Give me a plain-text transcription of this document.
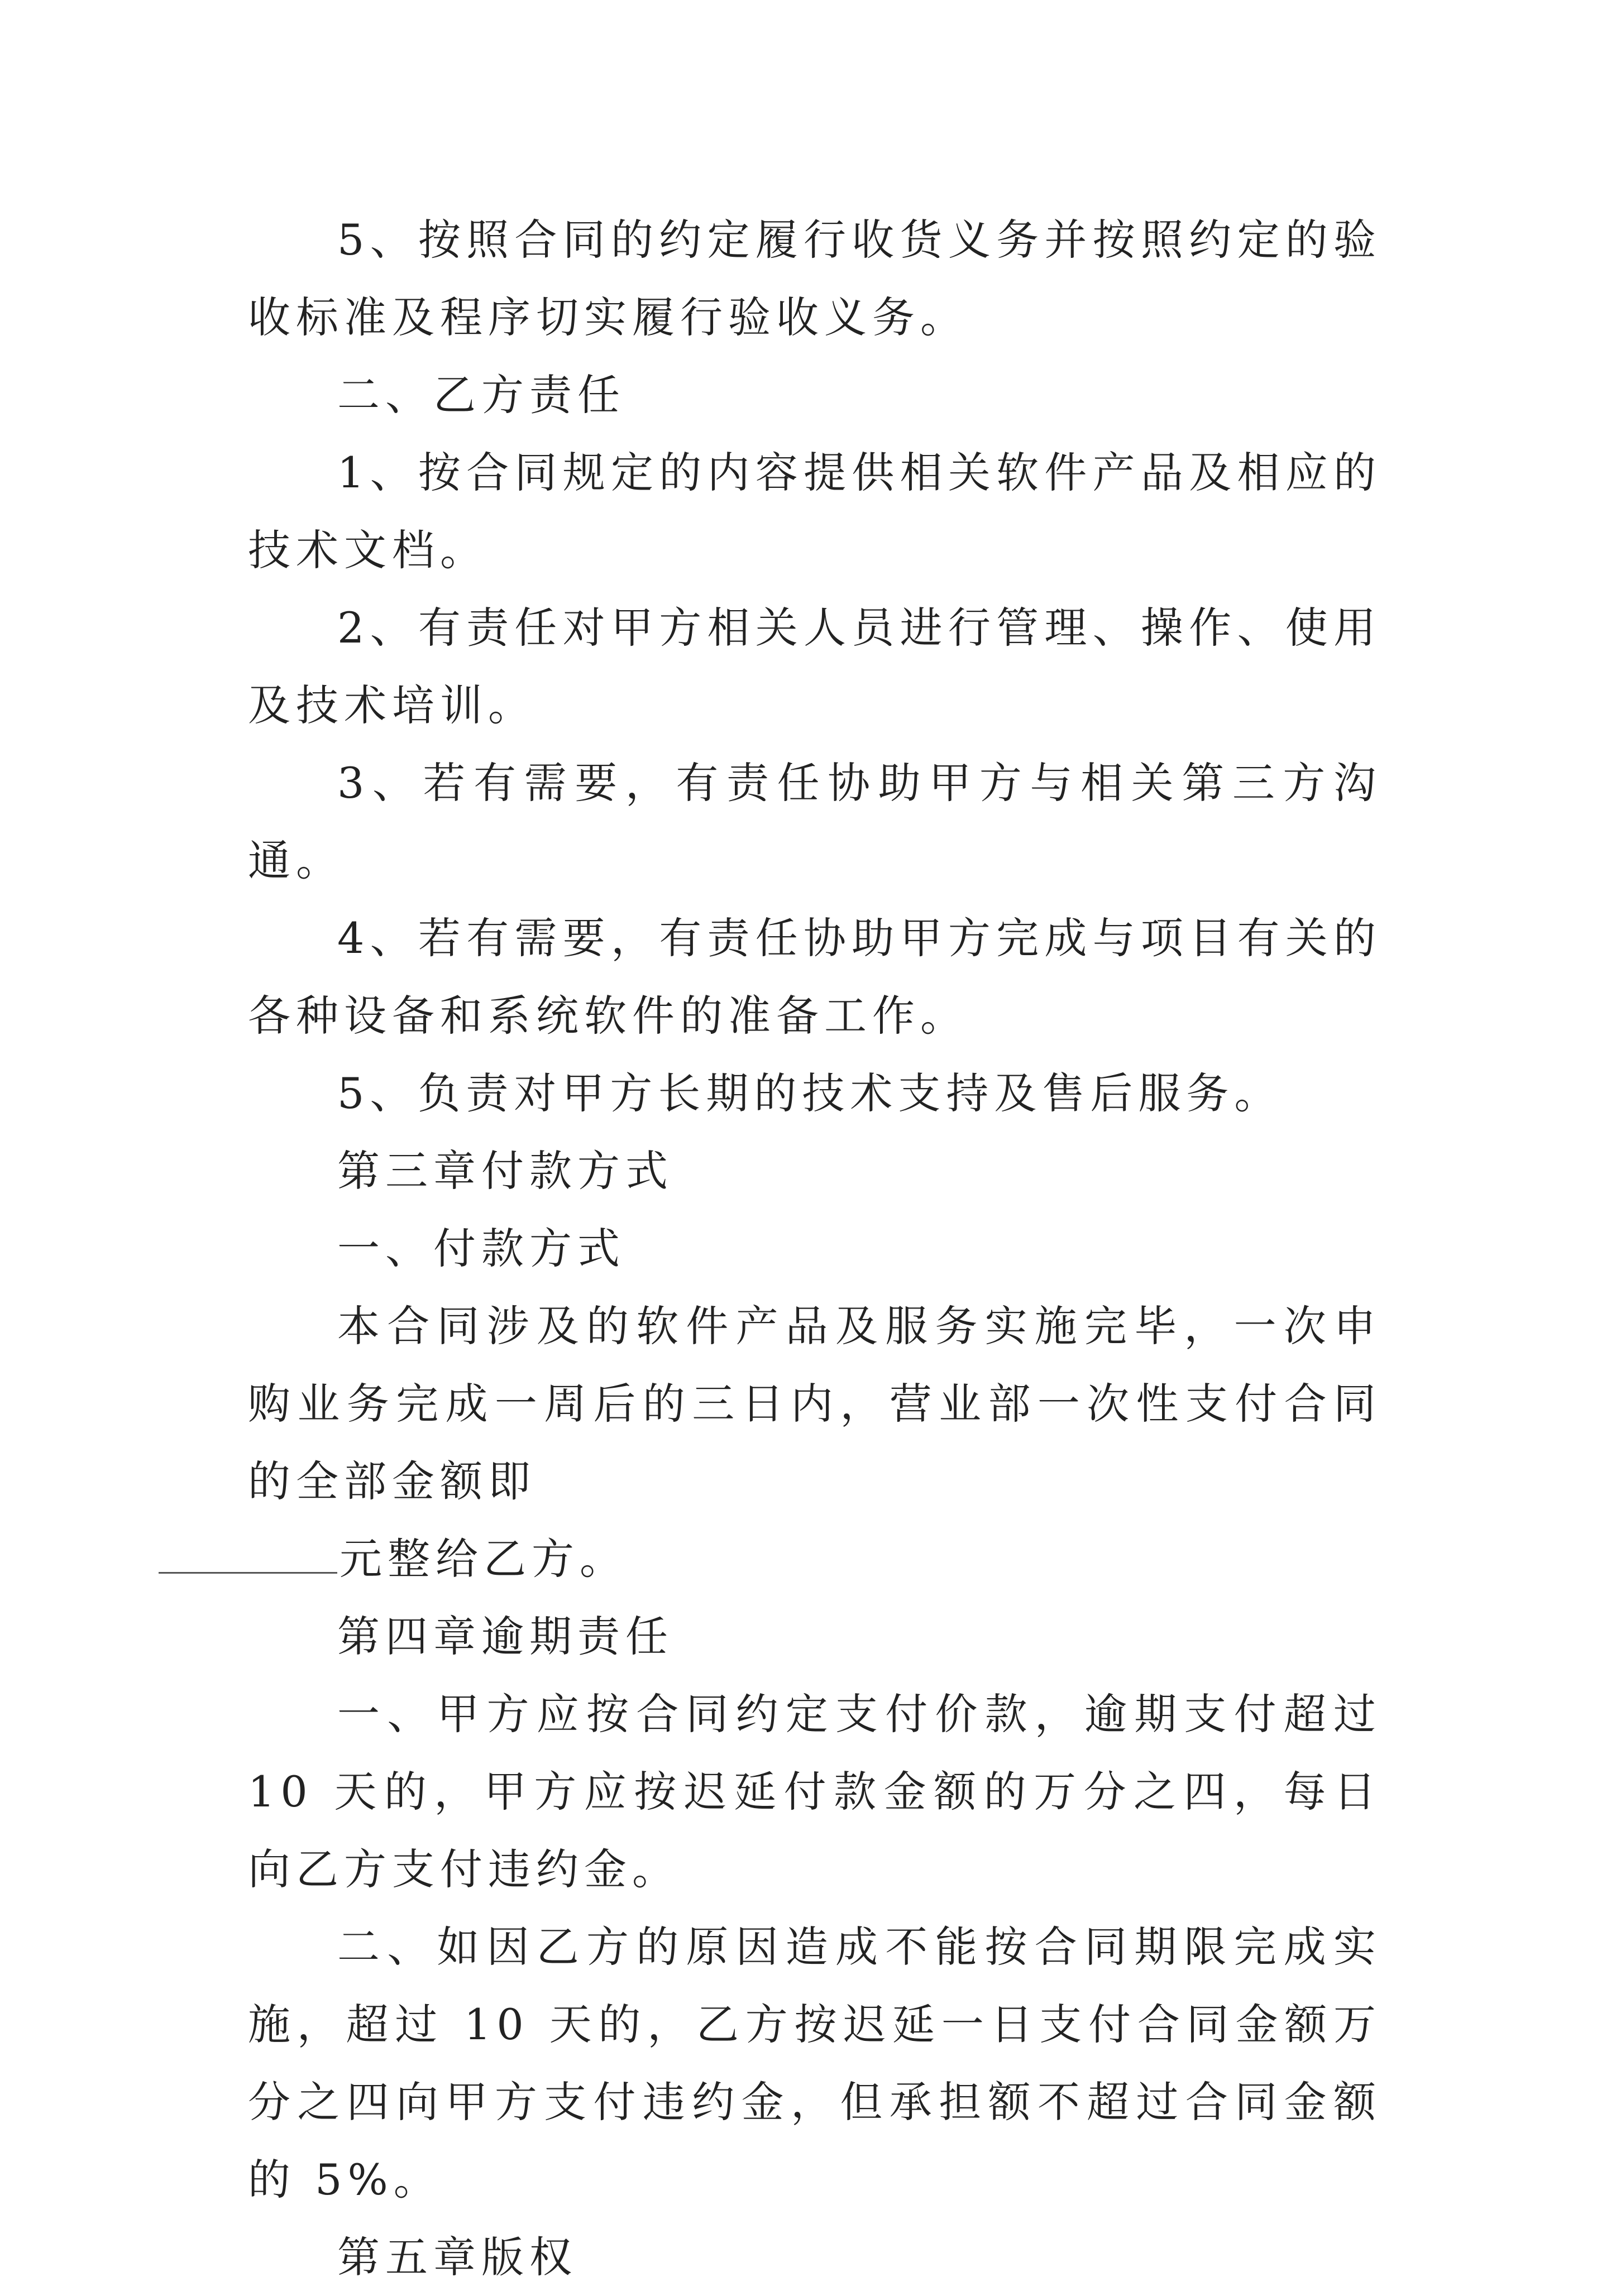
5、按照合同的约定履行收货义务并按照约定的验收标准及程序切实履行验收义务。

二、乙方责任

1、按合同规定的内容提供相关软件产品及相应的技术文档。

2、有责任对甲方相关人员进行管理、操作、使用及技术培训。

3、若有需要，有责任协助甲方与相关第三方沟通。

4、若有需要，有责任协助甲方完成与项目有关的各种设备和系统软件的准备工作。

5、负责对甲方长期的技术支持及售后服务。

第三章付款方式

一、付款方式

本合同涉及的软件产品及服务实施完毕，一次申购业务完成一周后的三日内，营业部一次性支付合同的全部金额即
元整给乙方。

第四章逾期责任

一、甲方应按合同约定支付价款，逾期支付超过 10 天的，甲方应按迟延付款金额的万分之四，每日向乙方支付违约金。

二、如因乙方的原因造成不能按合同期限完成实施，超过 10 天的，乙方按迟延一日支付合同金额万分之四向甲方支付违约金，但承担额不超过合同金额的 5%。

第五章版权
